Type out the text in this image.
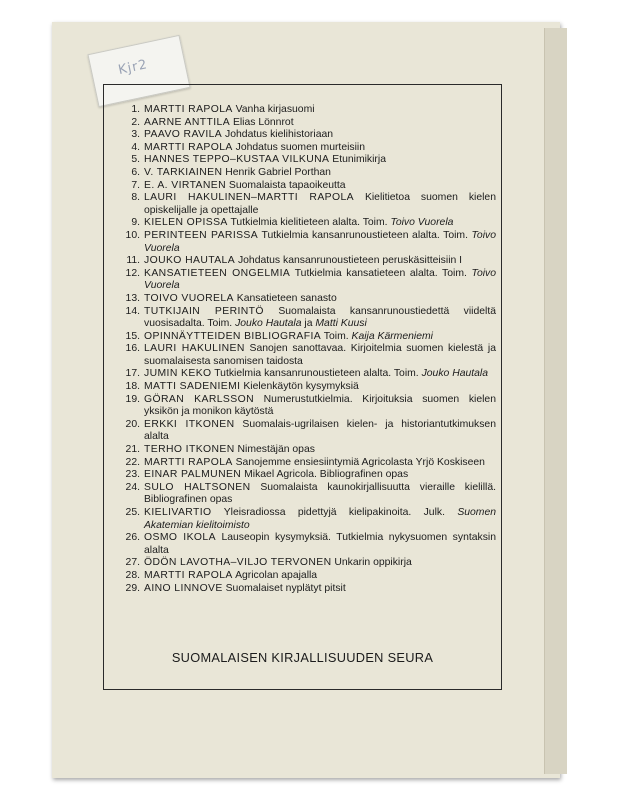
Kjr2
1. MARTTI RAPOLA Vanha kirjasuomi
2. AARNE ANTTILA Elias Lönnrot
3. PAAVO RAVILA Johdatus kielihistoriaan
4. MARTTI RAPOLA Johdatus suomen murteisiin
5. HANNES TEPPO–KUSTAA VILKUNA Etunimikirja
6. V. TARKIAINEN Henrik Gabriel Porthan
7. E. A. VIRTANEN Suomalaista tapaoikeutta
8. LAURI HAKULINEN–MARTTI RAPOLA Kielitietoa suomen kielen opiskelijalle ja opettajalle
9. KIELEN OPISSA Tutkielmia kielitieteen alalta. Toim. Toivo Vuorela
10. PERINTEEN PARISSA Tutkielmia kansanrunoustieteen alalta. Toim. Toivo Vuorela
11. JOUKO HAUTALA Johdatus kansanrunoustieteen peruskäsitteisiin I
12. KANSATIETEEN ONGELMIA Tutkielmia kansatieteen alalta. Toim. Toivo Vuorela
13. TOIVO VUORELA Kansatieteen sanasto
14. TUTKIJAIN PERINTÖ Suomalaista kansanrunoustiedettä viideltä vuosisadalta. Toim. Jouko Hautala ja Matti Kuusi
15. OPINNÄYTTEIDEN BIBLIOGRAFIA Toim. Kaija Kärmeniemi
16. LAURI HAKULINEN Sanojen sanottavaa. Kirjoitelmia suomen kielestä ja suomalaisesta sanomisen taidosta
17. JUMIN KEKO Tutkielmia kansanrunoustieteen alalta. Toim. Jouko Hautala
18. MATTI SADENIEMI Kielenkäytön kysymyksiä
19. GÖRAN KARLSSON Numerustutkielmia. Kirjoituksia suomen kielen yksikön ja monikon käytöstä
20. ERKKI ITKONEN Suomalais-ugrilaisen kielen- ja historiantutkimuksen alalta
21. TERHO ITKONEN Nimestäjän opas
22. MARTTI RAPOLA Sanojemme ensiesiintymiä Agricolasta Yrjö Koskiseen
23. EINAR PALMUNEN Mikael Agricola. Bibliografinen opas
24. SULO HALTSONEN Suomalaista kaunokirjallisuutta vieraille kielillä. Bibliografinen opas
25. KIELIVARTIO Yleisradiossa pidettyjä kielipakinoita. Julk. Suomen Akatemian kielitoimisto
26. OSMO IKOLA Lauseopin kysymyksiä. Tutkielmia nykysuomen syntaksin alalta
27. ÖDÖN LAVOTHA–VILJO TERVONEN Unkarin oppikirja
28. MARTTI RAPOLA Agricolan apajalla
29. AINO LINNOVE Suomalaiset nyplätyt pitsit
SUOMALAISEN KIRJALLISUUDEN SEURA
